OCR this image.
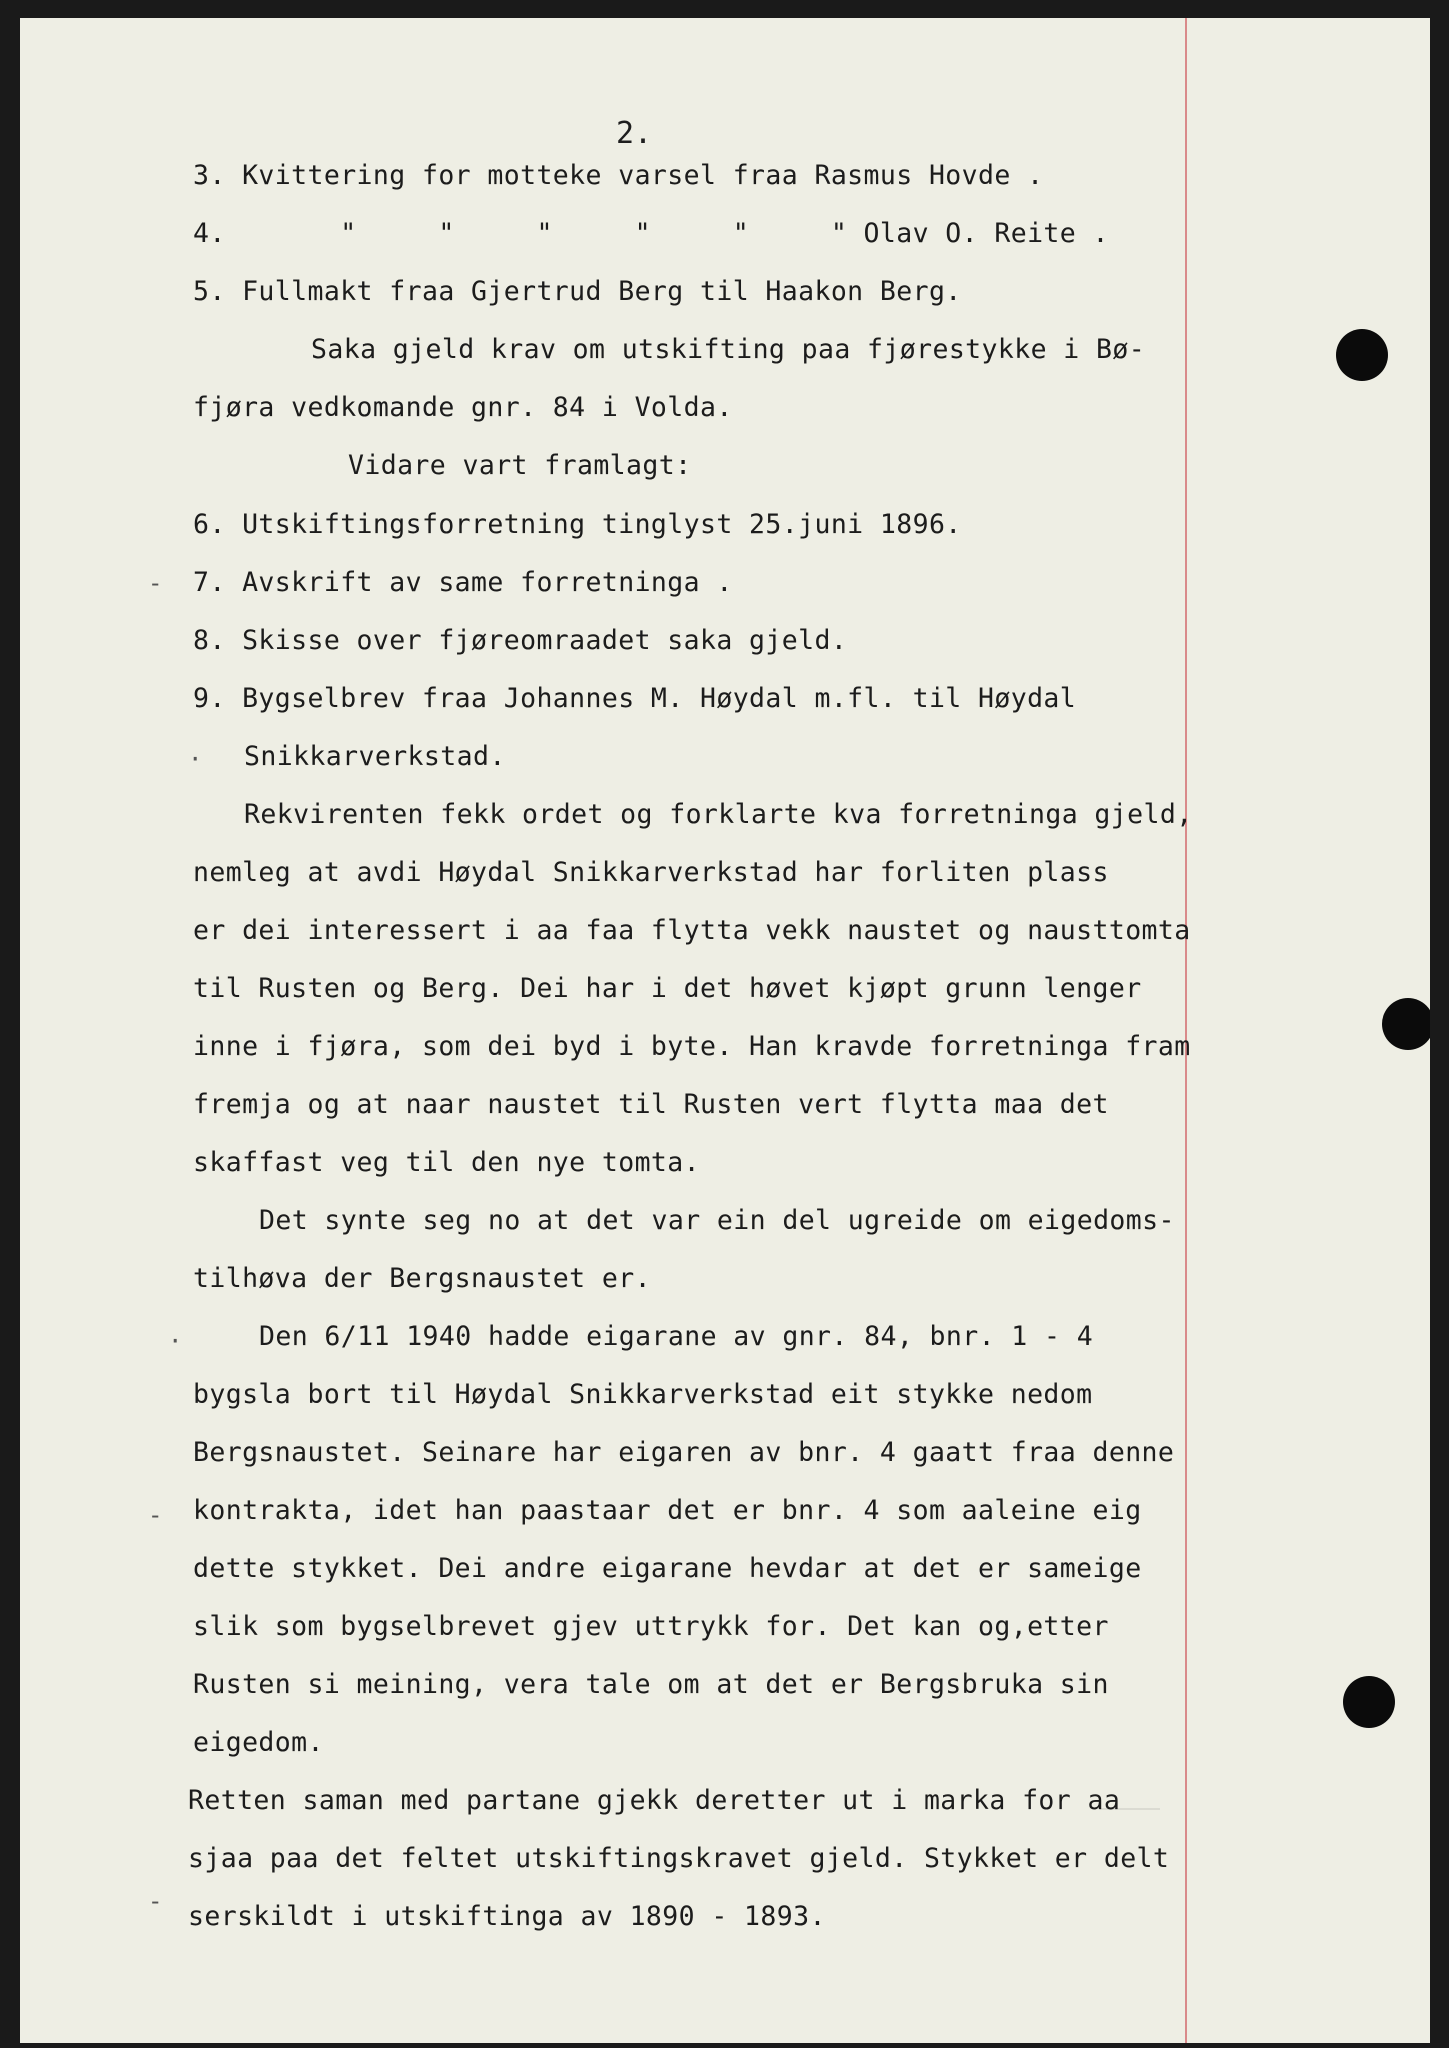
2.

3. Kvittering for motteke varsel fraa Rasmus Hovde .

4.       "     "     "     "     "     " Olav O. Reite .

5. Fullmakt fraa Gjertrud Berg til Haakon Berg.

Saka gjeld krav om utskifting paa fjørestykke i Bø-

fjøra vedkomande gnr. 84 i Volda.

Vidare vart framlagt:

6. Utskiftingsforretning tinglyst 25.juni 1896.

7. Avskrift av same forretninga .

8. Skisse over fjøreomraadet saka gjeld.

9. Bygselbrev fraa Johannes M. Høydal m.fl. til Høydal

Snikkarverkstad.

Rekvirenten fekk ordet og forklarte kva forretninga gjeld,

nemleg at avdi Høydal Snikkarverkstad har forliten plass

er dei interessert i aa faa flytta vekk naustet og nausttomta

til Rusten og Berg. Dei har i det høvet kjøpt grunn lenger

inne i fjøra, som dei byd i byte. Han kravde forretninga fram

fremja og at naar naustet til Rusten vert flytta maa det

skaffast veg til den nye tomta.

Det synte seg no at det var ein del ugreide om eigedoms-

tilhøva der Bergsnaustet er.

Den 6/11 1940 hadde eigarane av gnr. 84, bnr. 1 - 4

bygsla bort til Høydal Snikkarverkstad eit stykke nedom

Bergsnaustet. Seinare har eigaren av bnr. 4 gaatt fraa denne

kontrakta, idet han paastaar det er bnr. 4 som aaleine eig

dette stykket. Dei andre eigarane hevdar at det er sameige

slik som bygselbrevet gjev uttrykk for. Det kan og,etter

Rusten si meining, vera tale om at det er Bergsbruka sin

eigedom.

Retten saman med partane gjekk deretter ut i marka for aa

sjaa paa det feltet utskiftingskravet gjeld. Stykket er delt

serskildt i utskiftinga av 1890 - 1893.

-
·
-
·
-
